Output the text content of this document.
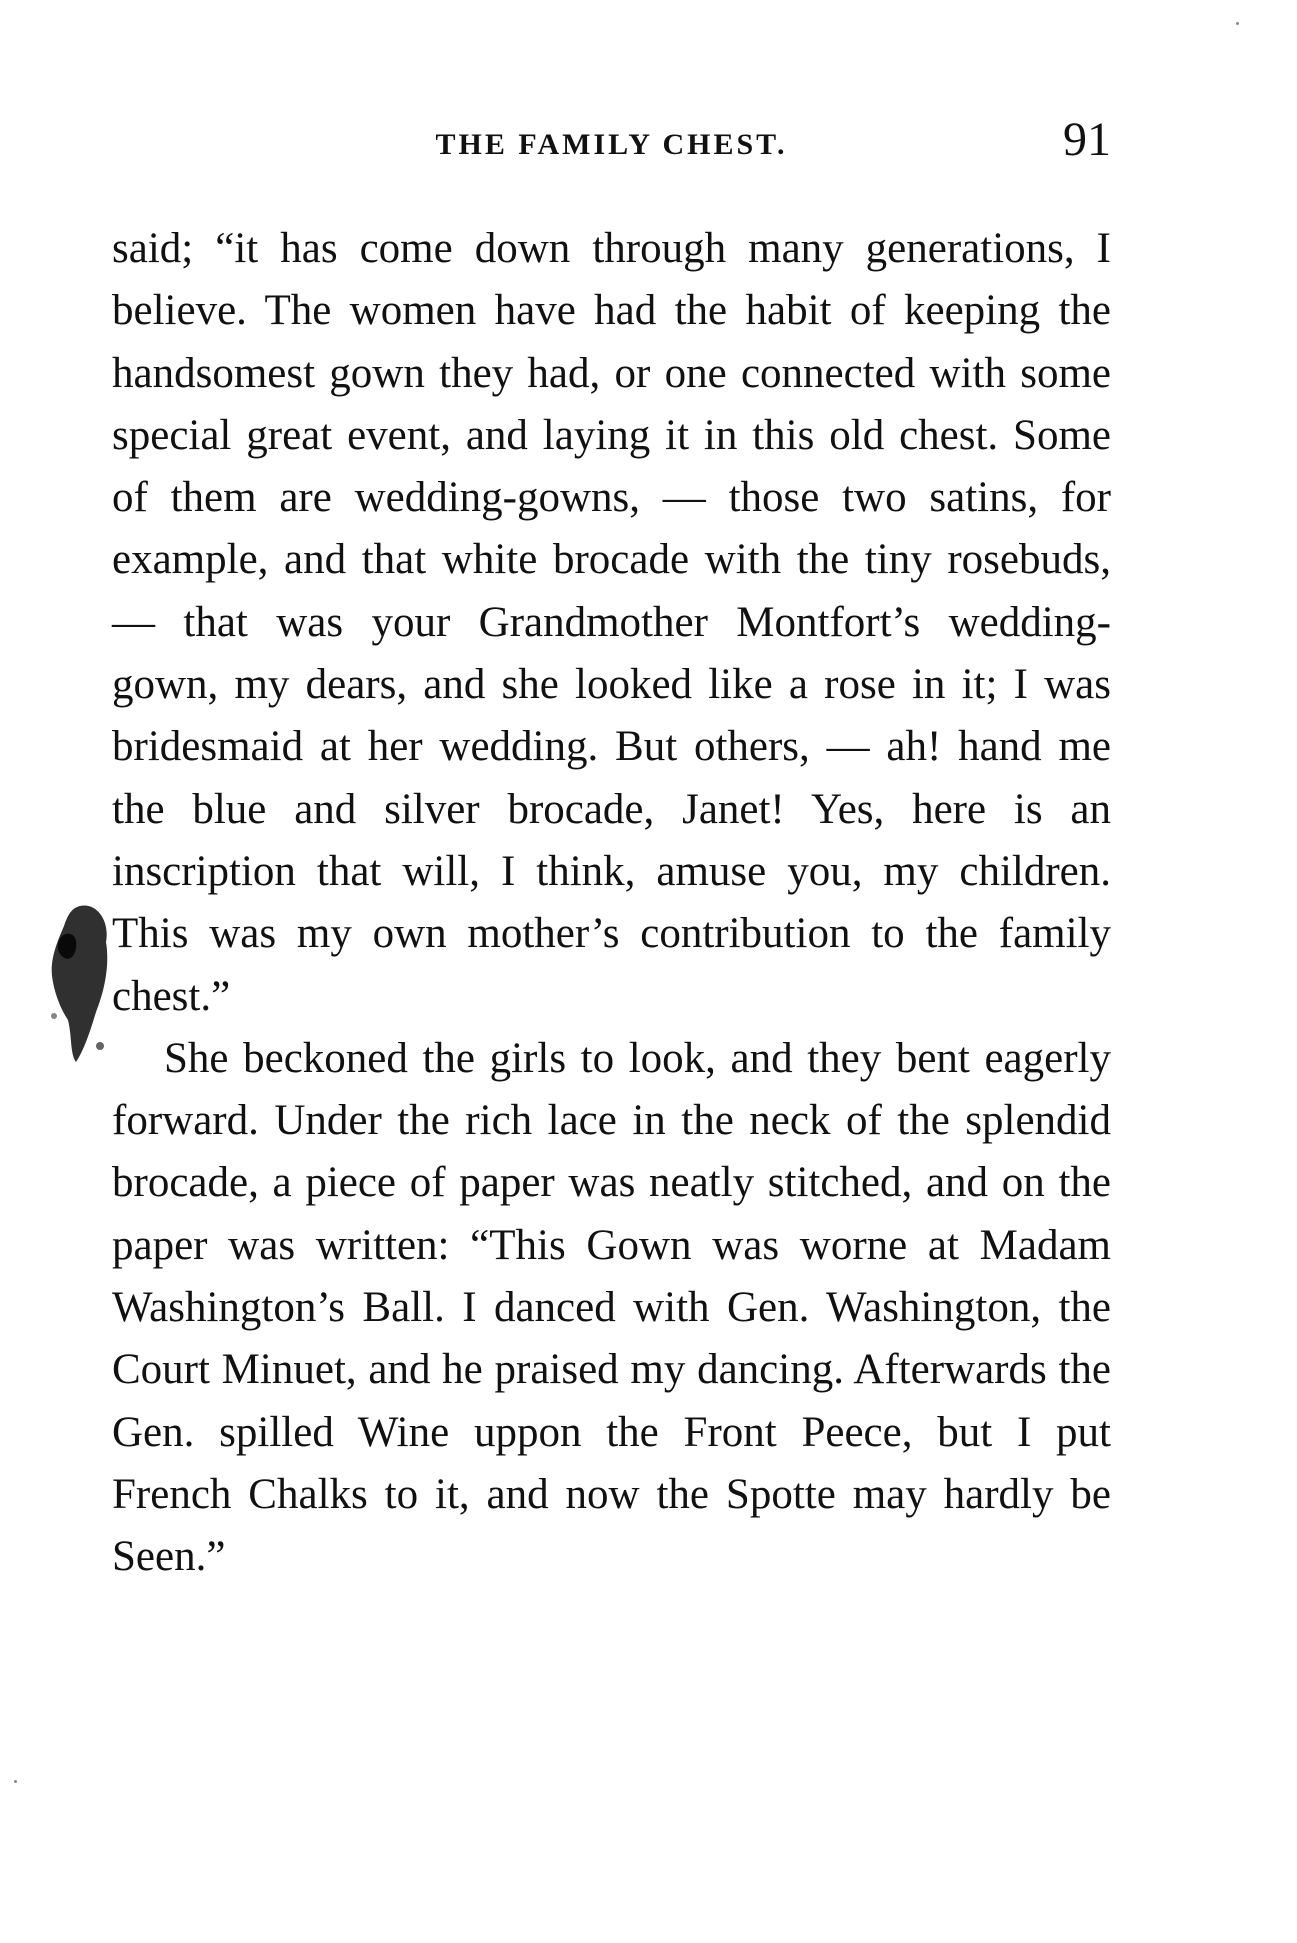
THE FAMILY CHEST.	91

said; “it has come down through many generations, I believe. The women have had the habit of keeping the handsomest gown they had, or one connected with some special great event, and laying it in this old chest. Some of them are wedding-gowns, — those two satins, for example, and that white brocade with the tiny rosebuds, — that was your Grandmother Montfort’s wedding-gown, my dears, and she looked like a rose in it; I was bridesmaid at her wedding. But others, — ah! hand me the blue and silver brocade, Janet! Yes, here is an inscription that will, I think, amuse you, my children. This was my own mother’s contribution to the family chest.”

She beckoned the girls to look, and they bent eagerly forward. Under the rich lace in the neck of the splendid brocade, a piece of paper was neatly stitched, and on the paper was written: “This Gown was worne at Madam Washington’s Ball. I danced with Gen. Washington, the Court Minuet, and he praised my dancing. Afterwards the Gen. spilled Wine uppon the Front Peece, but I put French Chalks to it, and now the Spotte may hardly be Seen.”
